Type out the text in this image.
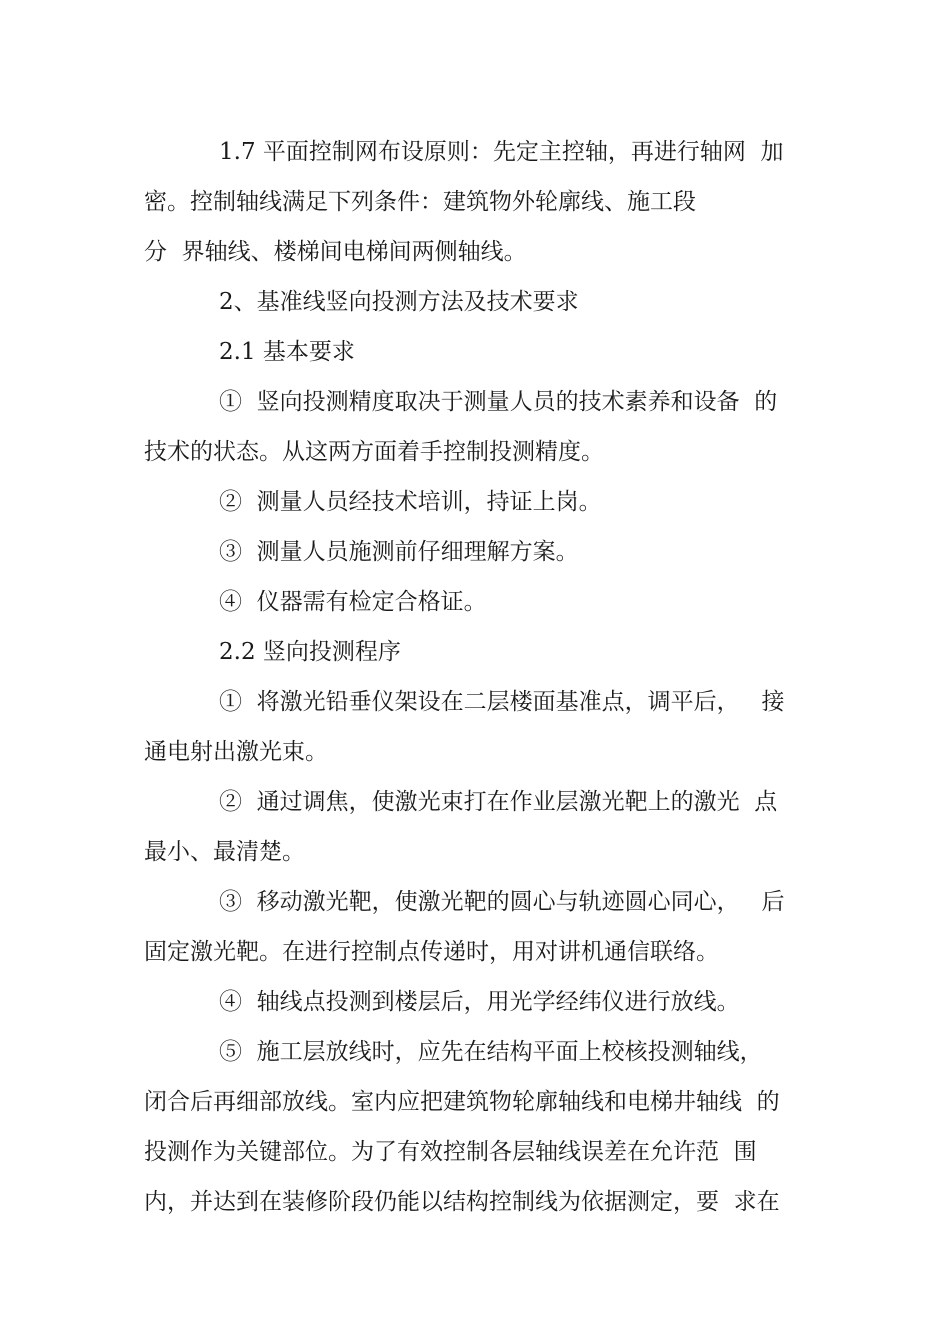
1.7 平面控制网布设原则：先定主控轴，再进行轴网  加
密。控制轴线满足下列条件：建筑物外轮廓线、施工段
分  界轴线、楼梯间电梯间两侧轴线。
2、基准线竖向投测方法及技术要求
2.1 基本要求
①  竖向投测精度取决于测量人员的技术素养和设备  的
技术的状态。从这两方面着手控制投测精度。
②  测量人员经技术培训，持证上岗。
③  测量人员施测前仔细理解方案。
④  仪器需有检定合格证。
2.2 竖向投测程序
①  将激光铅垂仪架设在二层楼面基准点，调平后，   接
通电射出激光束。
②  通过调焦，使激光束打在作业层激光靶上的激光  点
最小、最清楚。
③  移动激光靶，使激光靶的圆心与轨迹圆心同心，   后
固定激光靶。在进行控制点传递时，用对讲机通信联络。
④  轴线点投测到楼层后，用光学经纬仪进行放线。
⑤  施工层放线时，应先在结构平面上校核投测轴线，
闭合后再细部放线。室内应把建筑物轮廓轴线和电梯井轴线  的
投测作为关键部位。为了有效控制各层轴线误差在允许范  围
内，并达到在装修阶段仍能以结构控制线为依据测定，要  求在
